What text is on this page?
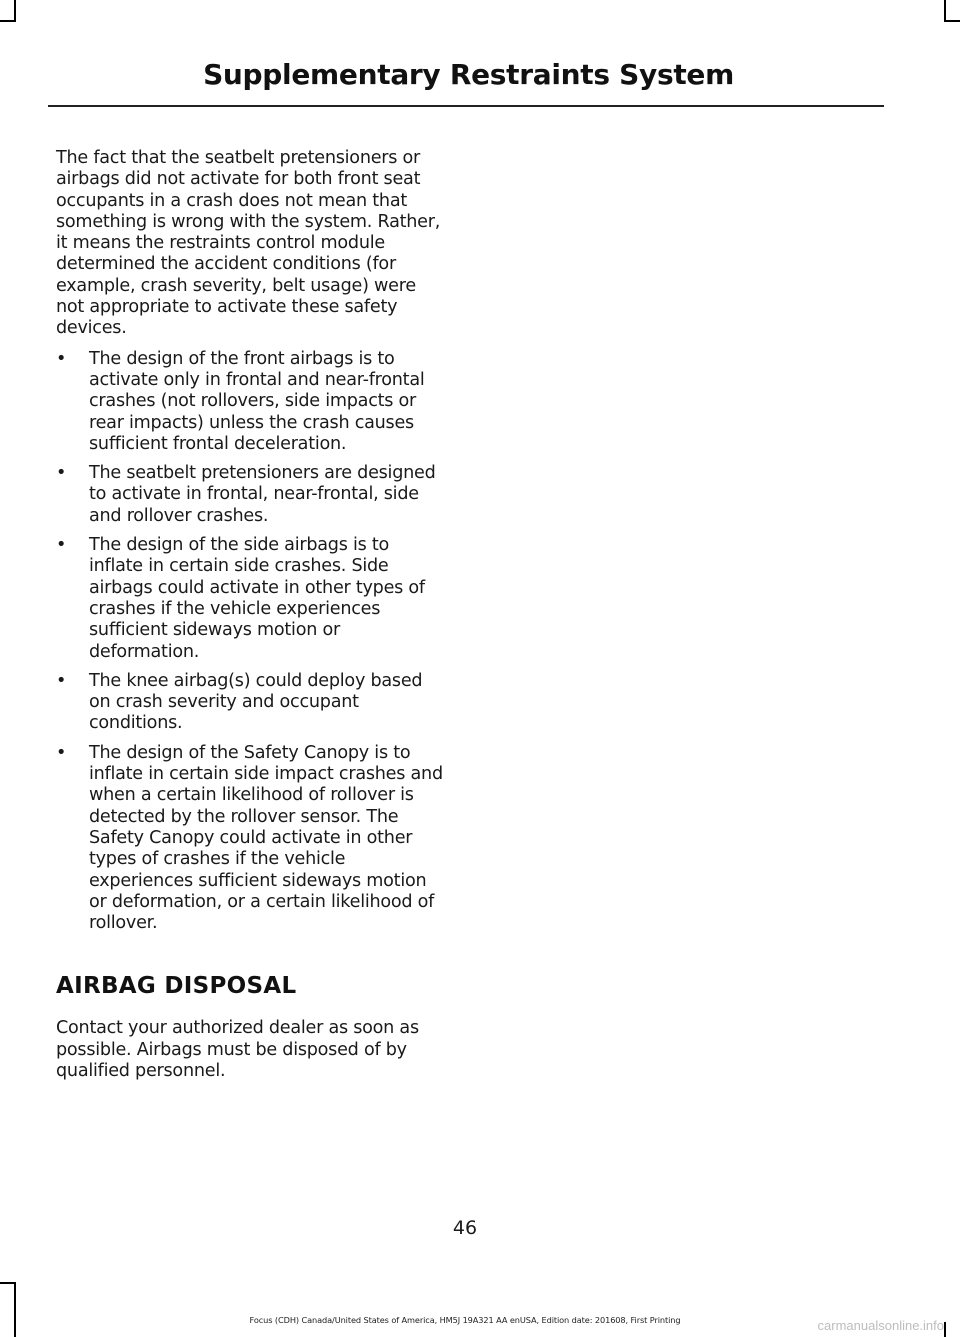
Supplementary Restraints System

The fact that the seatbelt pretensioners or airbags did not activate for both front seat occupants in a crash does not mean that something is wrong with the system. Rather, it means the restraints control module determined the accident conditions (for example, crash severity, belt usage) were not appropriate to activate these safety devices.

• The design of the front airbags is to activate only in frontal and near-frontal crashes (not rollovers, side impacts or rear impacts) unless the crash causes sufficient frontal deceleration.
• The seatbelt pretensioners are designed to activate in frontal, near-frontal, side and rollover crashes.
• The design of the side airbags is to inflate in certain side crashes. Side airbags could activate in other types of crashes if the vehicle experiences sufficient sideways motion or deformation.
• The knee airbag(s) could deploy based on crash severity and occupant conditions.
• The design of the Safety Canopy is to inflate in certain side impact crashes and when a certain likelihood of rollover is detected by the rollover sensor. The Safety Canopy could activate in other types of crashes if the vehicle experiences sufficient sideways motion or deformation, or a certain likelihood of rollover.
AIRBAG DISPOSAL

Contact your authorized dealer as soon as possible. Airbags must be disposed of by qualified personnel.

46
Focus (CDH) Canada/United States of America, HM5J 19A321 AA enUSA, Edition date: 201608, First Printing	carmanualsonline.info
